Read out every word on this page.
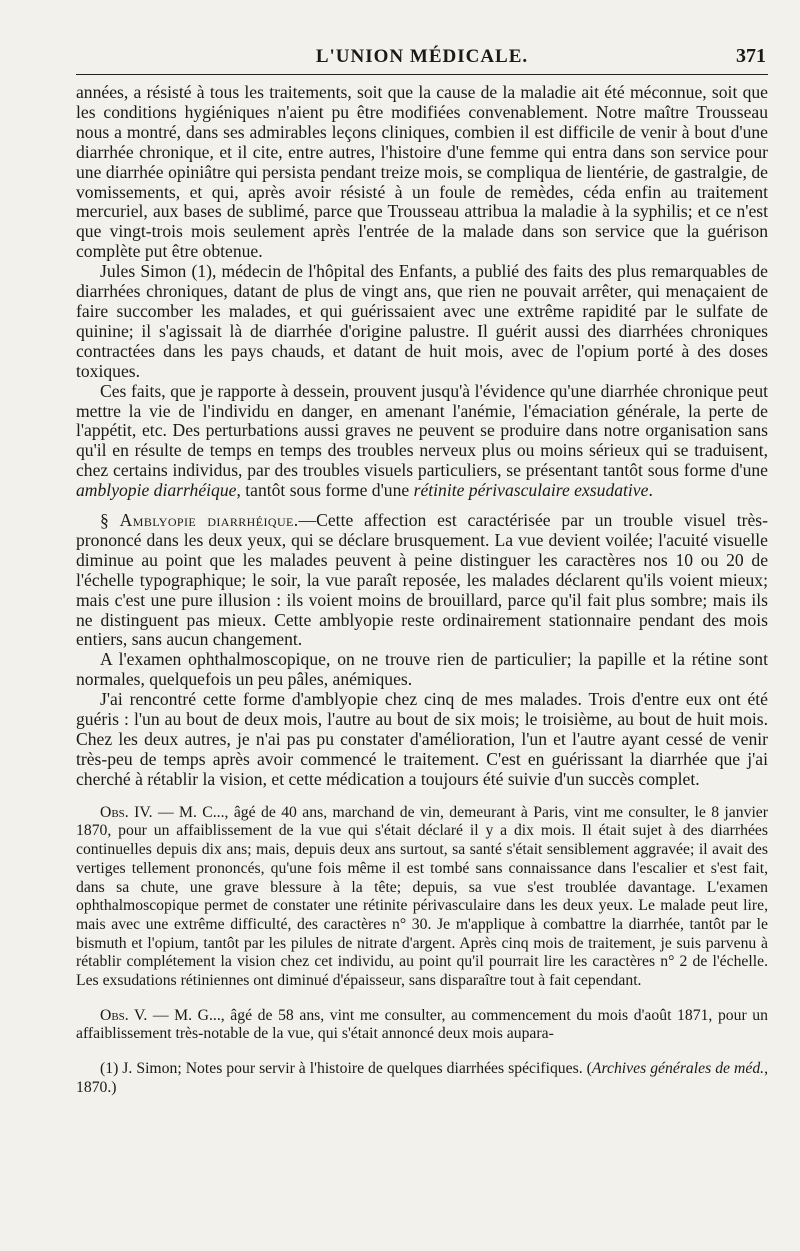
L'UNION MÉDICALE.	371

années, a résisté à tous les traitements, soit que la cause de la maladie ait été méconnue, soit que les conditions hygiéniques n'aient pu être modifiées convenablement. Notre maître Trousseau nous a montré, dans ses admirables leçons cliniques, combien il est difficile de venir à bout d'une diarrhée chronique, et il cite, entre autres, l'histoire d'une femme qui entra dans son service pour une diarrhée opiniâtre qui persista pendant treize mois, se compliqua de lientérie, de gastralgie, de vomissements, et qui, après avoir résisté à un foule de remèdes, céda enfin au traitement mercuriel, aux bases de sublimé, parce que Trousseau attribua la maladie à la syphilis; et ce n'est que vingt-trois mois seulement après l'entrée de la malade dans son service que la guérison complète put être obtenue.

Jules Simon (1), médecin de l'hôpital des Enfants, a publié des faits des plus remarquables de diarrhées chroniques, datant de plus de vingt ans, que rien ne pouvait arrêter, qui menaçaient de faire succomber les malades, et qui guérissaient avec une extrême rapidité par le sulfate de quinine; il s'agissait là de diarrhée d'origine palustre. Il guérit aussi des diarrhées chroniques contractées dans les pays chauds, et datant de huit mois, avec de l'opium porté à des doses toxiques.

Ces faits, que je rapporte à dessein, prouvent jusqu'à l'évidence qu'une diarrhée chronique peut mettre la vie de l'individu en danger, en amenant l'anémie, l'émaciation générale, la perte de l'appétit, etc. Des perturbations aussi graves ne peuvent se produire dans notre organisation sans qu'il en résulte de temps en temps des troubles nerveux plus ou moins sérieux qui se traduisent, chez certains individus, par des troubles visuels particuliers, se présentant tantôt sous forme d'une amblyopie diarrhéique, tantôt sous forme d'une rétinite périvasculaire exsudative.

§ Amblyopie diarrhéique.—Cette affection est caractérisée par un trouble visuel très-prononcé dans les deux yeux, qui se déclare brusquement. La vue devient voilée; l'acuité visuelle diminue au point que les malades peuvent à peine distinguer les caractères nos 10 ou 20 de l'échelle typographique; le soir, la vue paraît reposée, les malades déclarent qu'ils voient mieux; mais c'est une pure illusion : ils voient moins de brouillard, parce qu'il fait plus sombre; mais ils ne distinguent pas mieux. Cette amblyopie reste ordinairement stationnaire pendant des mois entiers, sans aucun changement.

A l'examen ophthalmoscopique, on ne trouve rien de particulier; la papille et la rétine sont normales, quelquefois un peu pâles, anémiques.

J'ai rencontré cette forme d'amblyopie chez cinq de mes malades. Trois d'entre eux ont été guéris : l'un au bout de deux mois, l'autre au bout de six mois; le troisième, au bout de huit mois. Chez les deux autres, je n'ai pas pu constater d'amélioration, l'un et l'autre ayant cessé de venir très-peu de temps après avoir commencé le traitement. C'est en guérissant la diarrhée que j'ai cherché à rétablir la vision, et cette médication a toujours été suivie d'un succès complet.

Obs. IV. — M. C..., âgé de 40 ans, marchand de vin, demeurant à Paris, vint me consulter, le 8 janvier 1870, pour un affaiblissement de la vue qui s'était déclaré il y a dix mois. Il était sujet à des diarrhées continuelles depuis dix ans; mais, depuis deux ans surtout, sa santé s'était sensiblement aggravée; il avait des vertiges tellement prononcés, qu'une fois même il est tombé sans connaissance dans l'escalier et s'est fait, dans sa chute, une grave blessure à la tête; depuis, sa vue s'est troublée davantage. L'examen ophthalmoscopique permet de constater une rétinite périvasculaire dans les deux yeux. Le malade peut lire, mais avec une extrême difficulté, des caractères n° 30. Je m'applique à combattre la diarrhée, tantôt par le bismuth et l'opium, tantôt par les pilules de nitrate d'argent. Après cinq mois de traitement, je suis parvenu à rétablir complétement la vision chez cet individu, au point qu'il pourrait lire les caractères n° 2 de l'échelle. Les exsudations rétiniennes ont diminué d'épaisseur, sans disparaître tout à fait cependant.

Obs. V. — M. G..., âgé de 58 ans, vint me consulter, au commencement du mois d'août 1871, pour un affaiblissement très-notable de la vue, qui s'était annoncé deux mois aupara-

(1) J. Simon; Notes pour servir à l'histoire de quelques diarrhées spécifiques. (Archives générales de méd., 1870.)
